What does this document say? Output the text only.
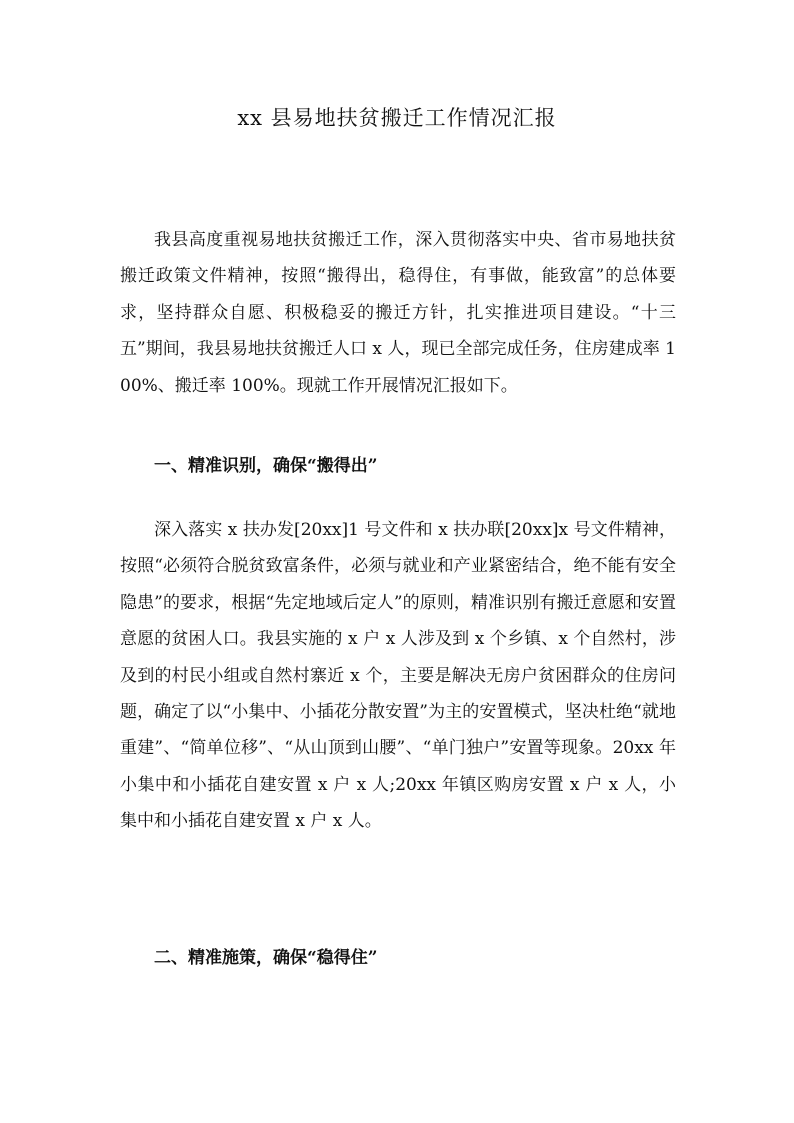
xx 县易地扶贫搬迁工作情况汇报

我县高度重视易地扶贫搬迁工作，深入贯彻落实中央、省市易地扶贫搬迁政策文件精神，按照“搬得出，稳得住，有事做，能致富”的总体要求，坚持群众自愿、积极稳妥的搬迁方针，扎实推进项目建设。“十三五”期间，我县易地扶贫搬迁人口 x 人，现已全部完成任务，住房建成率 100%、搬迁率 100%。现就工作开展情况汇报如下。

一、精准识别，确保“搬得出”

深入落实 x 扶办发[20xx]1 号文件和 x 扶办联[20xx]x 号文件精神，按照“必须符合脱贫致富条件，必须与就业和产业紧密结合，绝不能有安全隐患”的要求，根据“先定地域后定人”的原则，精准识别有搬迁意愿和安置意愿的贫困人口。我县实施的 x 户 x 人涉及到 x 个乡镇、x 个自然村，涉及到的村民小组或自然村寨近 x 个，主要是解决无房户贫困群众的住房问题，确定了以“小集中、小插花分散安置”为主的安置模式，坚决杜绝“就地重建”、“简单位移”、“从山顶到山腰”、“单门独户”安置等现象。20xx 年小集中和小插花自建安置 x 户 x 人;20xx 年镇区购房安置 x 户 x 人，小集中和小插花自建安置 x 户 x 人。

二、精准施策，确保“稳得住”
